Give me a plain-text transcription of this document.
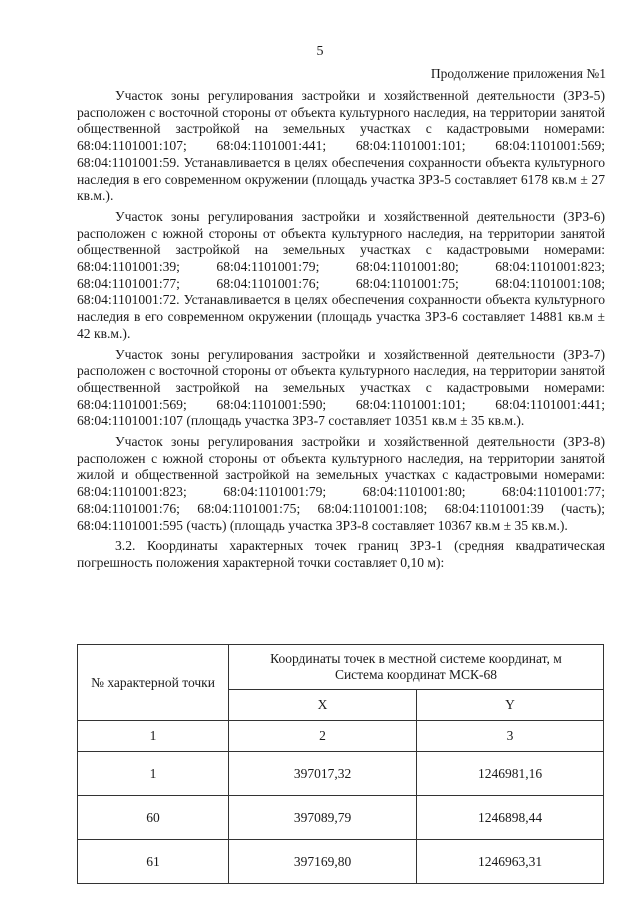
5
Продолжение приложения №1

Участок зоны регулирования застройки и хозяйственной деятельности (ЗРЗ-5) расположен с восточной стороны от объекта культурного наследия, на территории занятой общественной застройкой на земельных участках с кадастровыми номерами: 68:04:1101001:107; 68:04:1101001:441; 68:04:1101001:101; 68:04:1101001:569; 68:04:1101001:59. Устанавливается в целях обеспечения сохранности объекта культурного наследия в его современном окружении (площадь участка ЗРЗ-5 составляет 6178 кв.м ± 27 кв.м.).

Участок зоны регулирования застройки и хозяйственной деятельности (ЗРЗ-6) расположен с южной стороны от объекта культурного наследия, на территории занятой общественной застройкой на земельных участках с кадастровыми номерами: 68:04:1101001:39; 68:04:1101001:79; 68:04:1101001:80; 68:04:1101001:823; 68:04:1101001:77; 68:04:1101001:76; 68:04:1101001:75; 68:04:1101001:108; 68:04:1101001:72. Устанавливается в целях обеспечения сохранности объекта культурного наследия в его современном окружении (площадь участка ЗРЗ-6 составляет 14881 кв.м ± 42 кв.м.).

Участок зоны регулирования застройки и хозяйственной деятельности (ЗРЗ-7) расположен с восточной стороны от объекта культурного наследия, на территории занятой общественной застройкой на земельных участках с кадастровыми номерами: 68:04:1101001:569; 68:04:1101001:590; 68:04:1101001:101; 68:04:1101001:441; 68:04:1101001:107 (площадь участка ЗРЗ-7 составляет 10351 кв.м ± 35 кв.м.).

Участок зоны регулирования застройки и хозяйственной деятельности (ЗРЗ-8) расположен с южной стороны от объекта культурного наследия, на территории занятой жилой и общественной застройкой на земельных участках с кадастровыми номерами: 68:04:1101001:823; 68:04:1101001:79; 68:04:1101001:80; 68:04:1101001:77; 68:04:1101001:76; 68:04:1101001:75; 68:04:1101001:108; 68:04:1101001:39 (часть); 68:04:1101001:595 (часть) (площадь участка ЗРЗ-8 составляет 10367 кв.м ± 35 кв.м.).

3.2. Координаты характерных точек границ ЗРЗ-1 (средняя квадратическая погрешность положения характерной точки составляет 0,10 м):

№ характерной точки	Координаты точек в местной системе координат, м
Система координат МСК-68	

	X	Y
1	2	3
1	397017,32	1246981,16
60	397089,79	1246898,44
61	397169,80	1246963,31
